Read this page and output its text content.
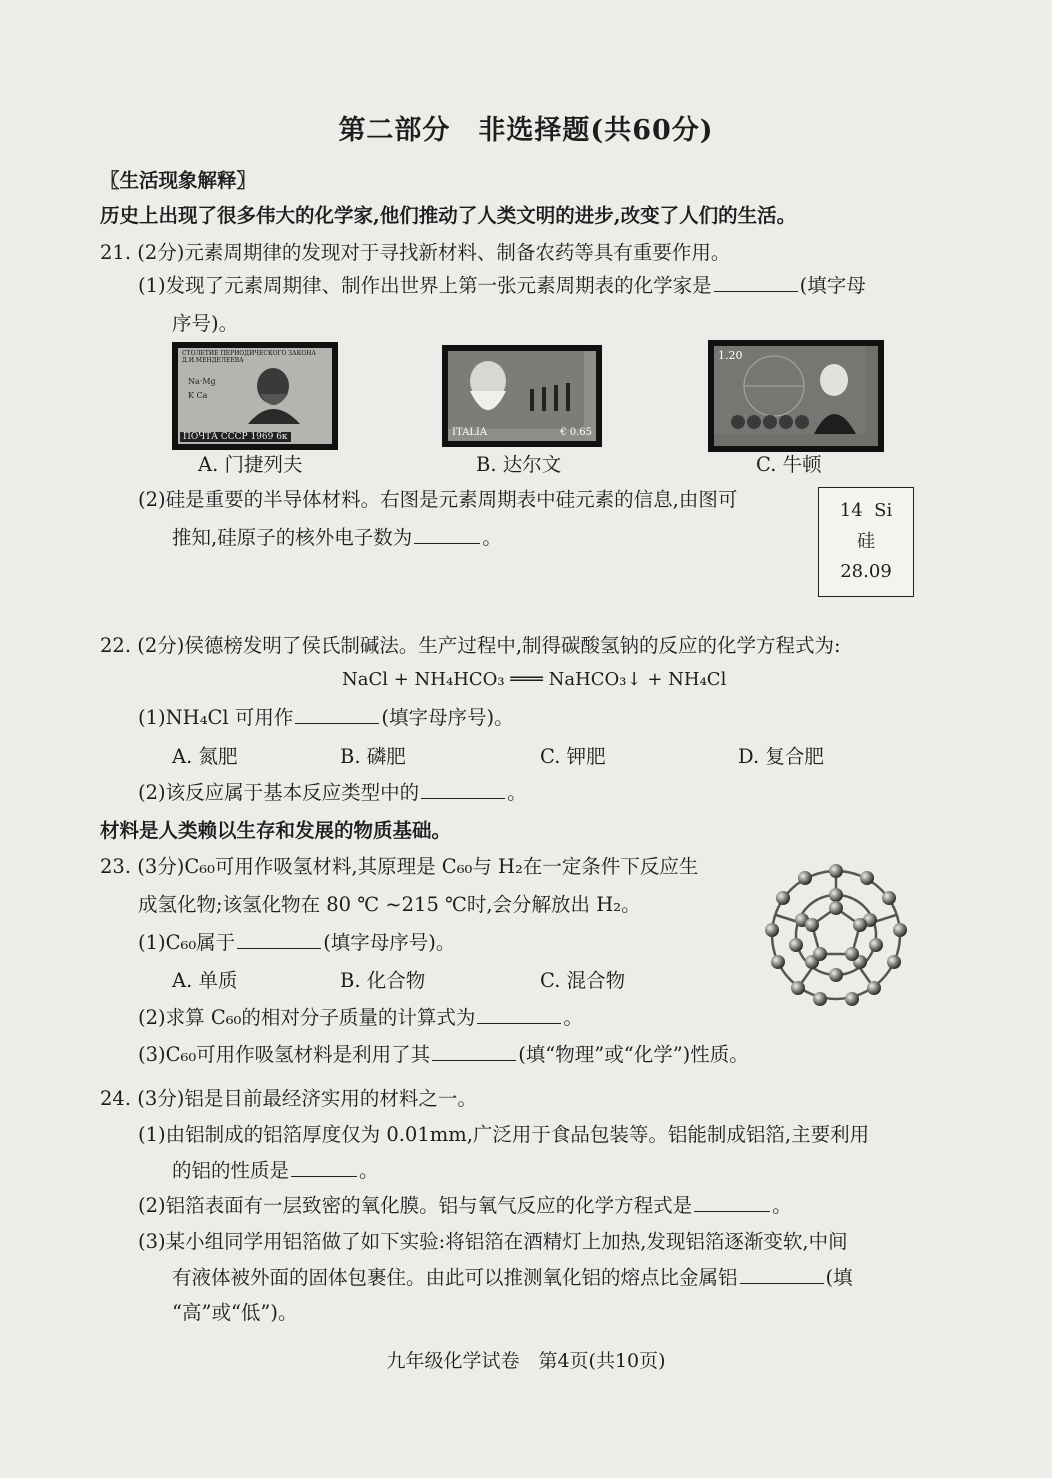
第二部分　非选择题(共60分)
〖生活现象解释〗
历史上出现了很多伟大的化学家,他们推动了人类文明的进步,改变了人们的生活。
21. (2分)元素周期律的发现对于寻找新材料、制备农药等具有重要作用。
(1)发现了元素周期律、制作出世界上第一张元素周期表的化学家是	(填字母
序号)。
СТОЛЕТИЕ ПЕРИОДИЧЕСКОГО ЗАКОНА Д.И.МЕНДЕЛЕЕВА
Na·Mg
K Ca
ПОЧТА СССР 1969 6к
A. 门捷列夫
ITALIA	€ 0.65
B. 达尔文
1.20
C. 牛顿
(2)硅是重要的半导体材料。右图是元素周期表中硅元素的信息,由图可
推知,硅原子的核外电子数为	。
14 Si
硅
28.09
22. (2分)侯德榜发明了侯氏制碱法。生产过程中,制得碳酸氢钠的反应的化学方程式为:
NaCl + NH₄HCO₃ ═══ NaHCO₃↓ + NH₄Cl
(1)NH₄Cl 可用作	(填字母序号)。
A. 氮肥	B. 磷肥	C. 钾肥	D. 复合肥
(2)该反应属于基本反应类型中的	。
材料是人类赖以生存和发展的物质基础。
23. (3分)C₆₀可用作吸氢材料,其原理是 C₆₀与 H₂在一定条件下反应生
成氢化物;该氢化物在 80 ℃ ~215 ℃时,会分解放出 H₂。
(1)C₆₀属于	(填字母序号)。
A. 单质	B. 化合物	C. 混合物
(2)求算 C₆₀的相对分子质量的计算式为	。
(3)C₆₀可用作吸氢材料是利用了其	(填“物理”或“化学”)性质。
24. (3分)铝是目前最经济实用的材料之一。
(1)由铝制成的铝箔厚度仅为 0.01mm,广泛用于食品包装等。铝能制成铝箔,主要利用
的铝的性质是	。
(2)铝箔表面有一层致密的氧化膜。铝与氧气反应的化学方程式是	。
(3)某小组同学用铝箔做了如下实验:将铝箔在酒精灯上加热,发现铝箔逐渐变软,中间
有液体被外面的固体包裹住。由此可以推测氧化铝的熔点比金属铝	(填
“高”或“低”)。
九年级化学试卷　第4页(共10页)
